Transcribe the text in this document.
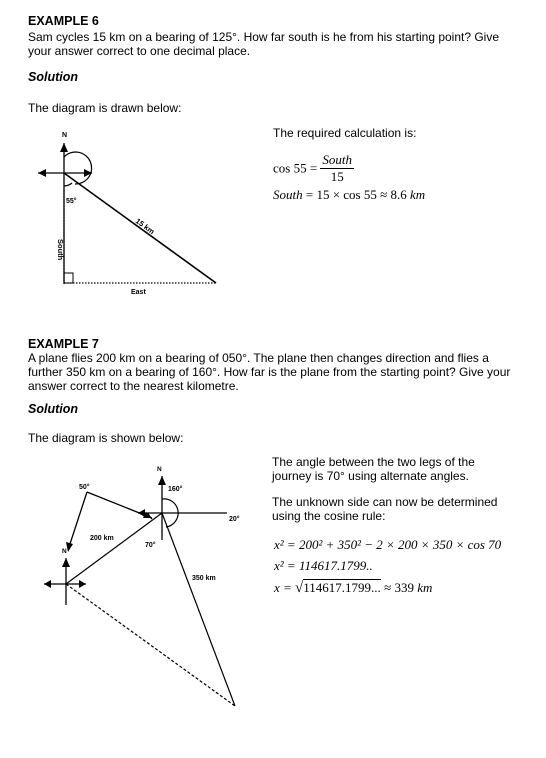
EXAMPLE 6
Sam cycles 15 km on a bearing of 125°. How far south is he from his starting point? Give your answer correct to one decimal place.
Solution
The diagram is drawn below:
N
55°
15 km
South
East
The required calculation is:
$\cos 55 = \frac{\text{South}}{15}$
South = 15 × cos 55 ≈ 8.6 km
EXAMPLE 7
A plane flies 200 km on a bearing of 050°. The plane then changes direction and flies a further 350 km on a bearing of 160°. How far is the plane from the starting point? Give your answer correct to the nearest kilometre.
Solution
The diagram is shown below:
50°
N
N
160°
20°
70°
200 km
350 km
The angle between the two legs of the journey is 70° using alternate angles.
The unknown side can now be determined using the cosine rule:
x² = 200² + 350² − 2 × 200 × 350 × cos 70
x² = 114617.1799..
x = √114617.1799... ≈ 339 km
